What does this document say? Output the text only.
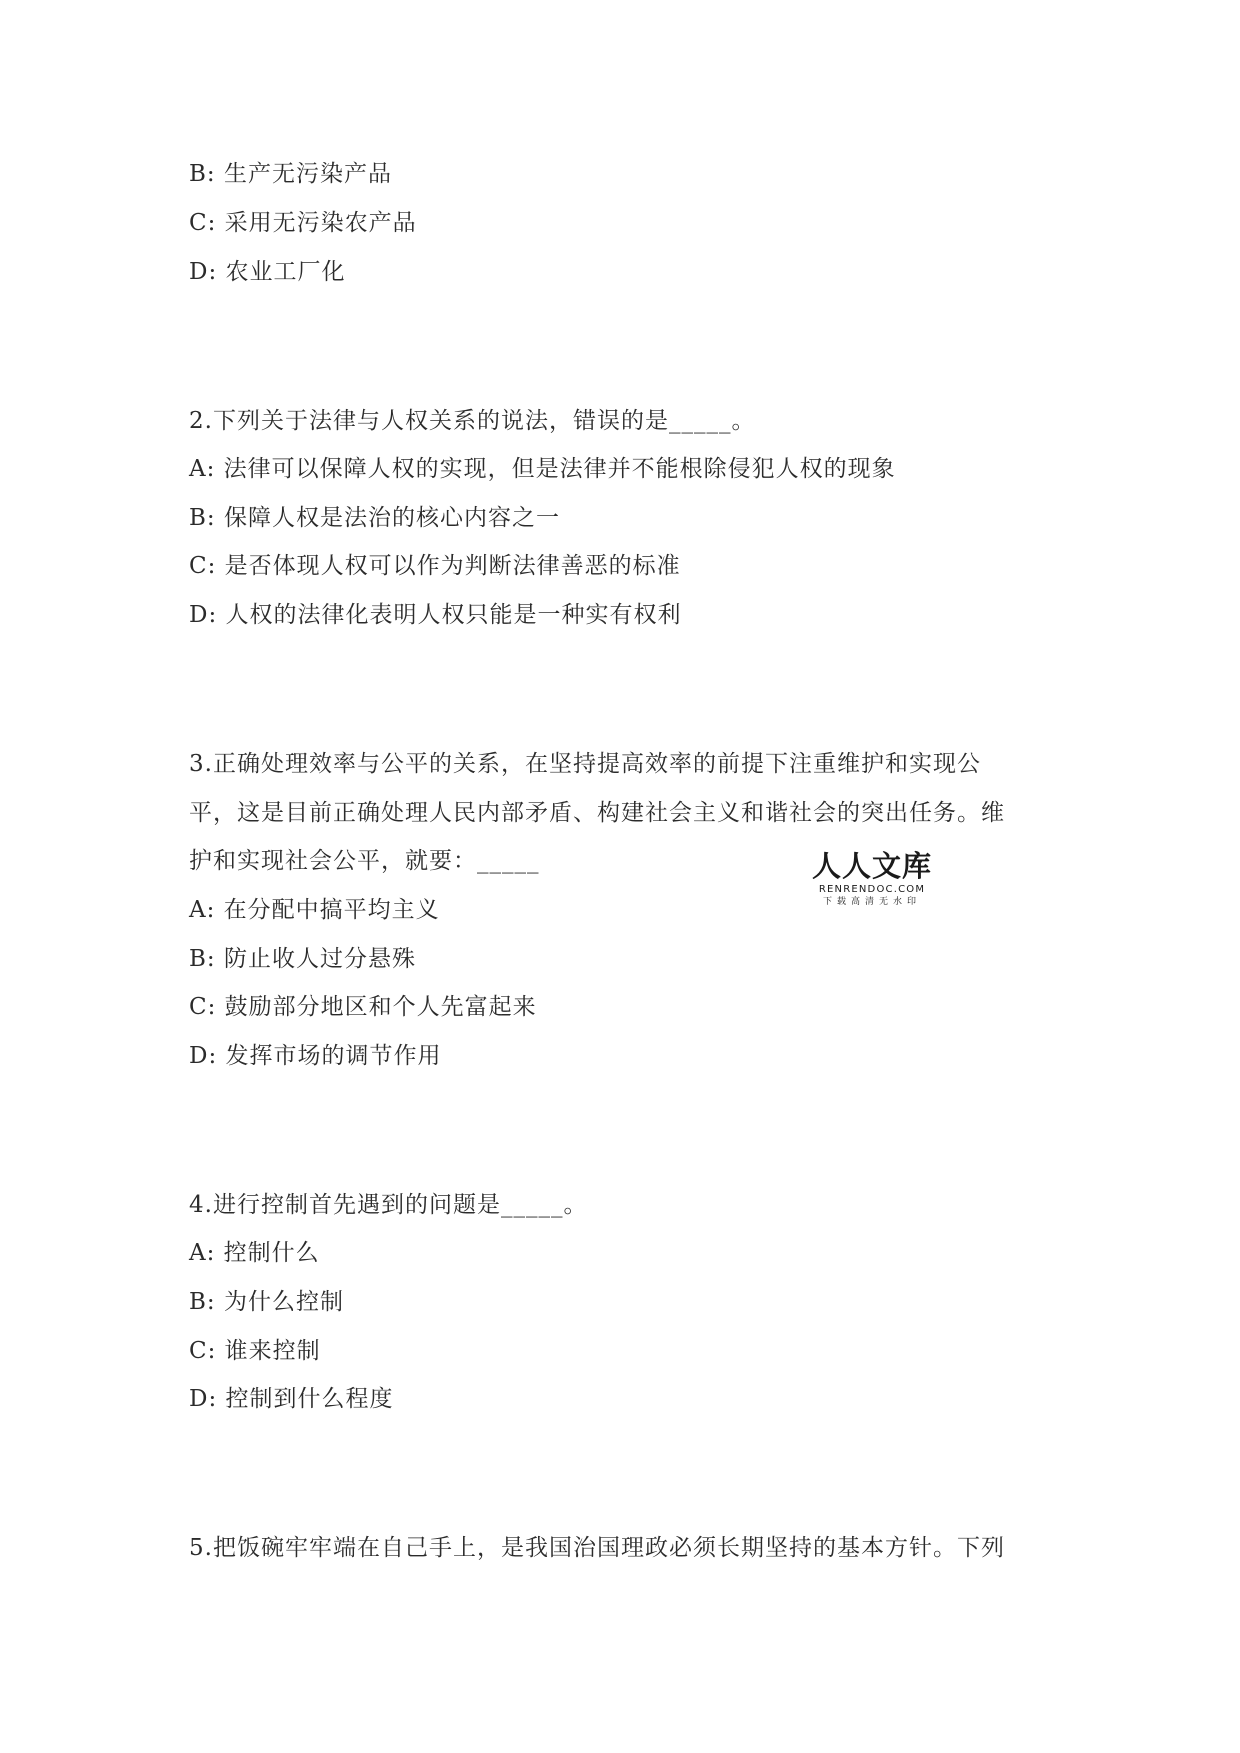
B: 生产无污染产品
C: 采用无污染农产品
D: 农业工厂化
2.下列关于法律与人权关系的说法，错误的是_____。
A: 法律可以保障人权的实现，但是法律并不能根除侵犯人权的现象
B: 保障人权是法治的核心内容之一
C: 是否体现人权可以作为判断法律善恶的标准
D: 人权的法律化表明人权只能是一种实有权利
3.正确处理效率与公平的关系，在坚持提高效率的前提下注重维护和实现公
平，这是目前正确处理人民内部矛盾、构建社会主义和谐社会的突出任务。维
护和实现社会公平，就要：_____
A: 在分配中搞平均主义
B: 防止收人过分悬殊
C: 鼓励部分地区和个人先富起来
D: 发挥市场的调节作用
4.进行控制首先遇到的问题是_____。
A: 控制什么
B: 为什么控制
C: 谁来控制
D: 控制到什么程度
5.把饭碗牢牢端在自己手上，是我国治国理政必须长期坚持的基本方针。下列
人人文库
RENRENDOC.COM
下载高清无水印
